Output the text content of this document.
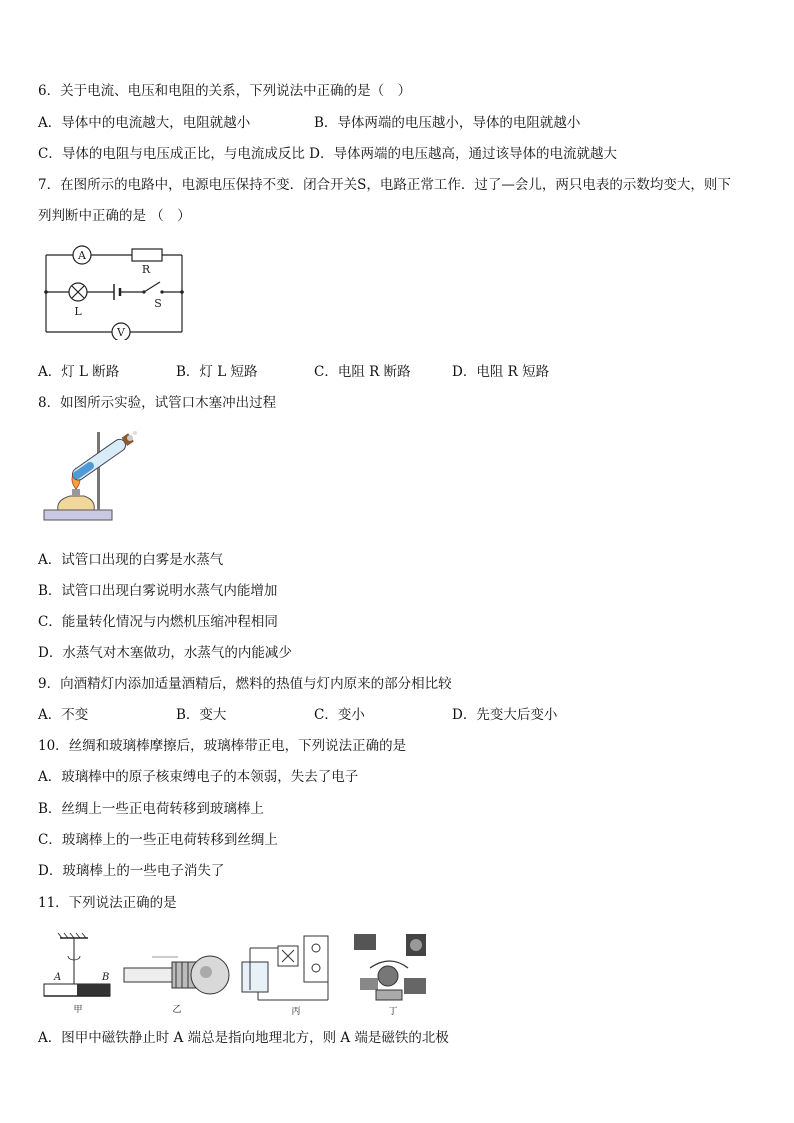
6．关于电流、电压和电阻的关系，下列说法中正确的是（　）
A．导体中的电流越大，电阻就越小	B．导体两端的电压越小，导体的电阻就越小
C．导体的电阻与电压成正比，与电流成反比 D．导体两端的电压越高，通过该导体的电流就越大
7．在图所示的电路中，电源电压保持不变．闭合开关S，电路正常工作．过了—会儿，两只电表的示数均变大，则下
列判断中正确的是 （　）
A
R
L
S
V
A．灯 L 断路	B．灯 L 短路	C．电阻 R 断路	D．电阻 R 短路
8．如图所示实验，试管口木塞冲出过程
A．试管口出现的白雾是水蒸气
B．试管口出现白雾说明水蒸气内能增加
C．能量转化情况与内燃机压缩冲程相同
D．水蒸气对木塞做功，水蒸气的内能减少
9．向酒精灯内添加适量酒精后，燃料的热值与灯内原来的部分相比较
A．不变	B．变大	C．变小	D．先变大后变小
10．丝绸和玻璃棒摩擦后，玻璃棒带正电，下列说法正确的是
A．玻璃棒中的原子核束缚电子的本领弱，失去了电子
B．丝绸上一些正电荷转移到玻璃棒上
C．玻璃棒上的一些正电荷转移到丝绸上
D．玻璃棒上的一些电子消失了
11．下列说法正确的是
A	B
甲	乙	丙	丁
A．图甲中磁铁静止时 A 端总是指向地理北方，则 A 端是磁铁的北极
